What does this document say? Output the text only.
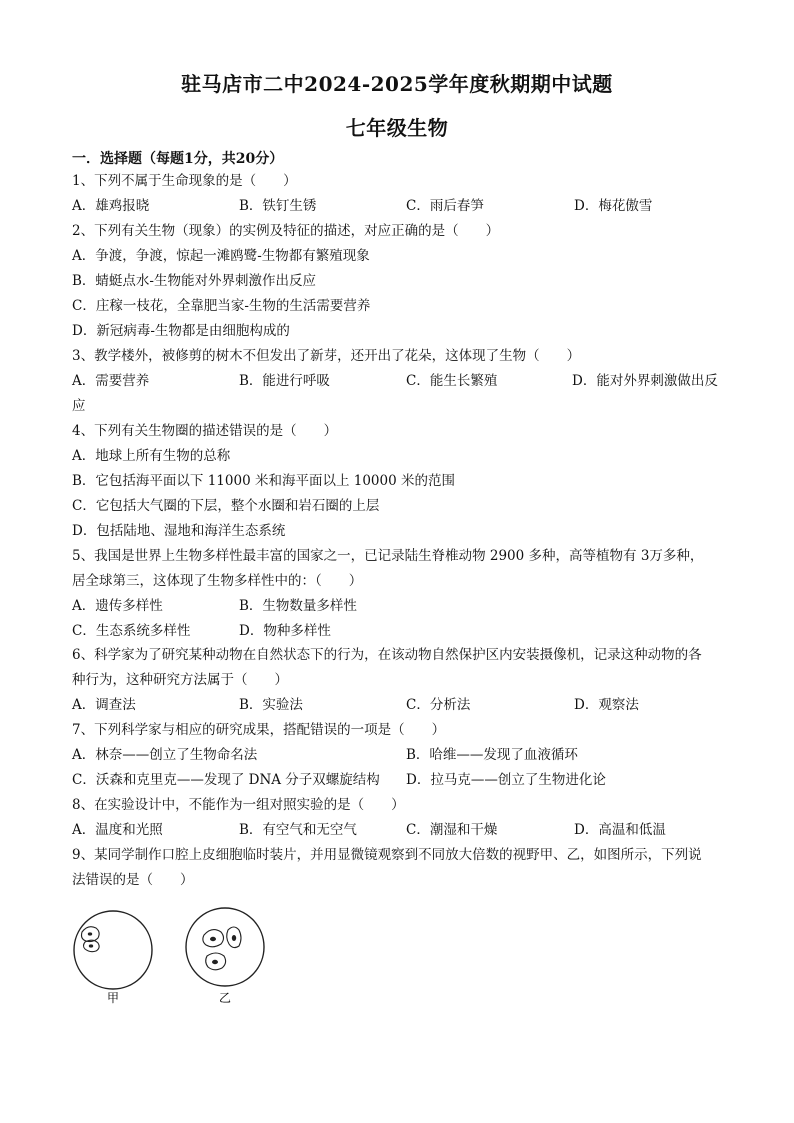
驻马店市二中2024-2025学年度秋期期中试题
七年级生物
一．选择题（每题1分，共20分）
1、下列不属于生命现象的是（　　）
A．雄鸡报晓	B．铁钉生锈	C．雨后春笋	D．梅花傲雪
2、下列有关生物（现象）的实例及特征的描述，对应正确的是（　　）
A．争渡，争渡，惊起一滩鸥鹭-生物都有繁殖现象
B．蜻蜓点水-生物能对外界刺激作出反应
C．庄稼一枝花，全靠肥当家-生物的生活需要营养
D．新冠病毒-生物都是由细胞构成的
3、教学楼外，被修剪的树木不但发出了新芽，还开出了花朵，这体现了生物（　　）
A．需要营养	B．能进行呼吸	C．能生长繁殖	D．能对外界刺激做出反
应
4、下列有关生物圈的描述错误的是（　　）
A．地球上所有生物的总称
B．它包括海平面以下 11000 米和海平面以上 10000 米的范围
C．它包括大气圈的下层，整个水圈和岩石圈的上层
D．包括陆地、湿地和海洋生态系统
5、我国是世界上生物多样性最丰富的国家之一，已记录陆生脊椎动物 2900 多种，高等植物有 3万多种，
居全球第三，这体现了生物多样性中的：（　　）
A．遗传多样性	B．生物数量多样性
C．生态系统多样性	D．物种多样性
6、科学家为了研究某种动物在自然状态下的行为，在该动物自然保护区内安装摄像机，记录这种动物的各
种行为，这种研究方法属于（　　）
A．调查法	B．实验法	C．分析法	D．观察法
7、下列科学家与相应的研究成果，搭配错误的一项是（　　）
A．林奈——创立了生物命名法	B．哈维——发现了血液循环
C．沃森和克里克——发现了 DNA 分子双螺旋结构 D．拉马克——创立了生物进化论
8、在实验设计中，不能作为一组对照实验的是（　　）
A．温度和光照	B．有空气和无空气	C．潮湿和干燥	D．高温和低温
9、某同学制作口腔上皮细胞临时装片，并用显微镜观察到不同放大倍数的视野甲、乙，如图所示，下列说
法错误的是（　　）
甲	乙
